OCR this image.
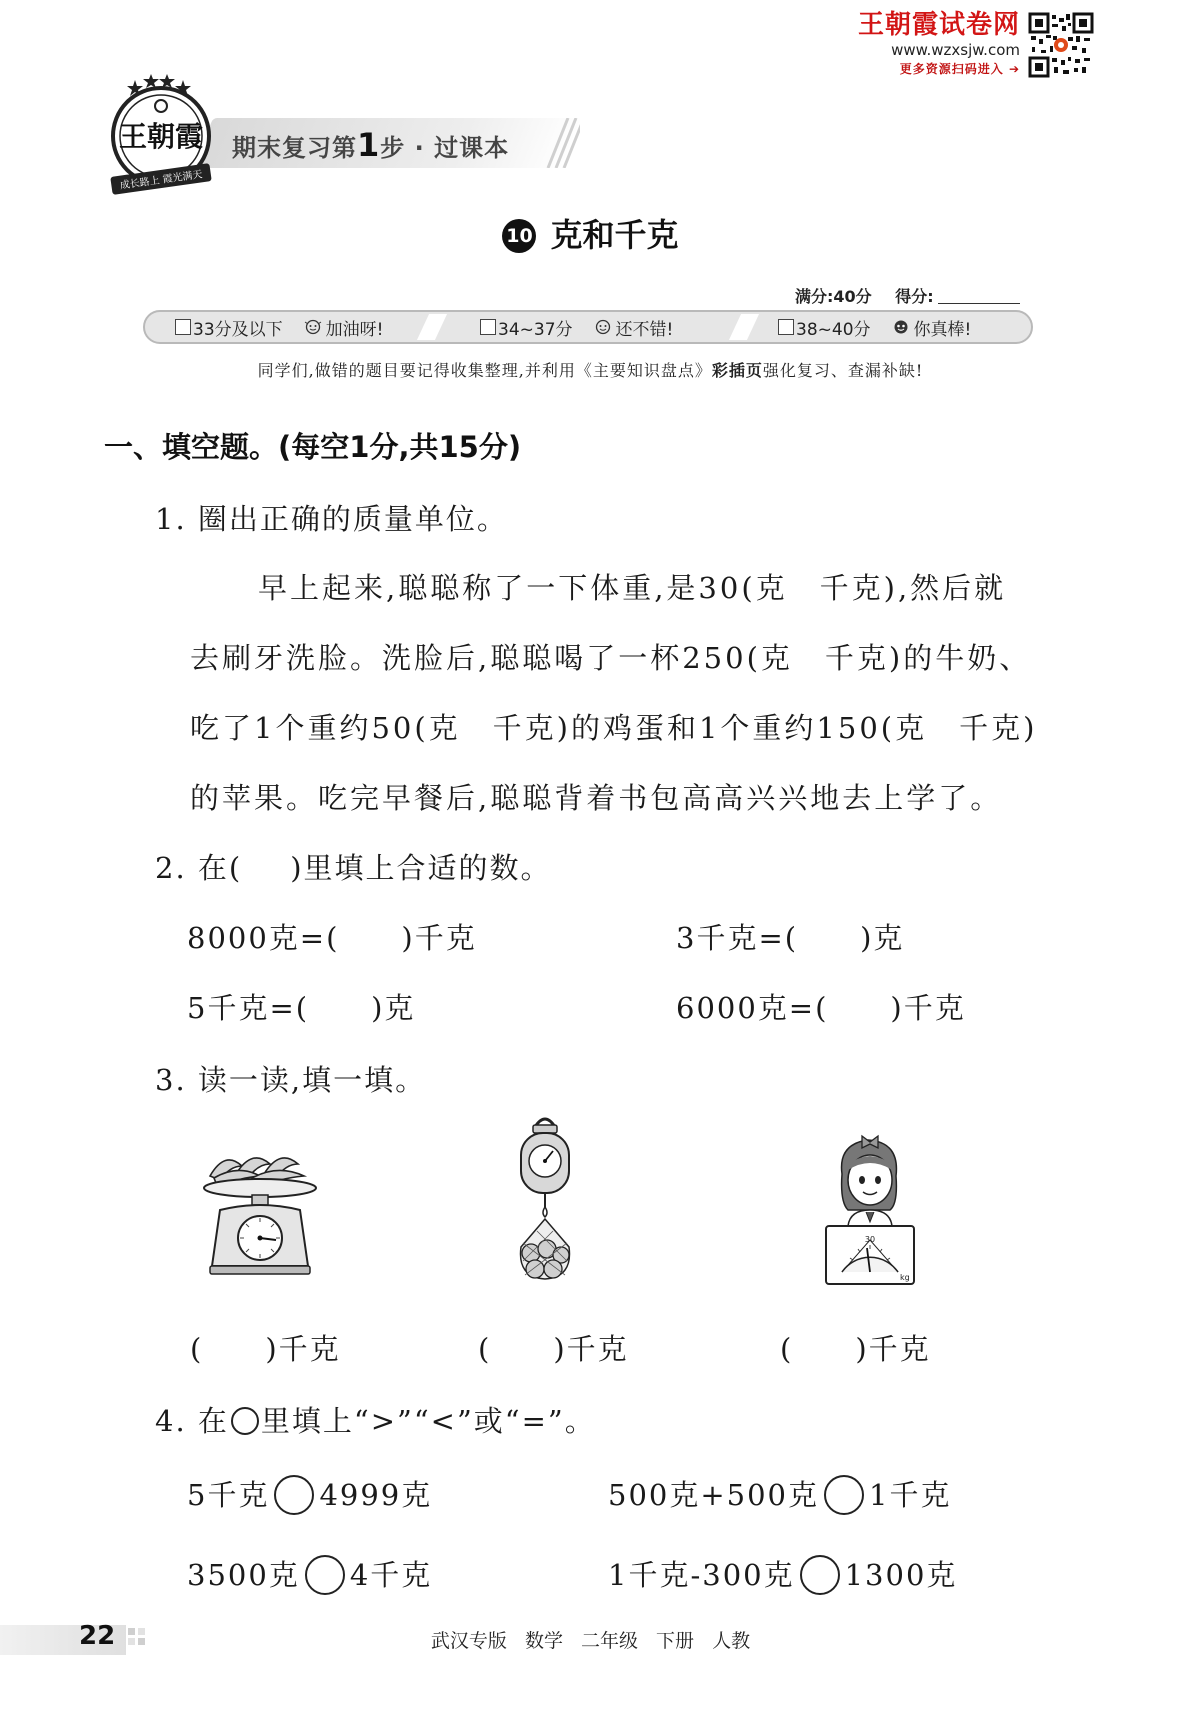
王朝霞试卷网
www.wzxsjw.com
更多资源扫码进入 ➔
期末复习第1步 · 过课本
成长路上 霞光满天
王朝霞
10 克和千克
满分:40分 得分:
33分及以下	加油呀!	34~37分	还不错!	38~40分	你真棒!
同学们,做错的题目要记得收集整理,并利用《主要知识盘点》彩插页强化复习、查漏补缺!
一、填空题。(每空1分,共15分)
1. 圈出正确的质量单位。
早上起来,聪聪称了一下体重,是30(克　千克),然后就
去刷牙洗脸。洗脸后,聪聪喝了一杯250(克　千克)的牛奶、
吃了1个重约50(克　千克)的鸡蛋和1个重约150(克　千克)
的苹果。吃完早餐后,聪聪背着书包高高兴兴地去上学了。
2. 在( )里填上合适的数。
8000克=(　　)千克	3千克=(　　)克
5千克=(　　)克	6000克=(　　)千克
3. 读一读,填一填。
30
kg
(　　)千克	(　　)千克	(　　)千克
4. 在 里填上“>”“<”或“=”。
5千克 4999克	500克+500克 1千克
3500克 4千克	1千克-300克 1300克
22	武汉专版 数学 二年级 下册 人教
